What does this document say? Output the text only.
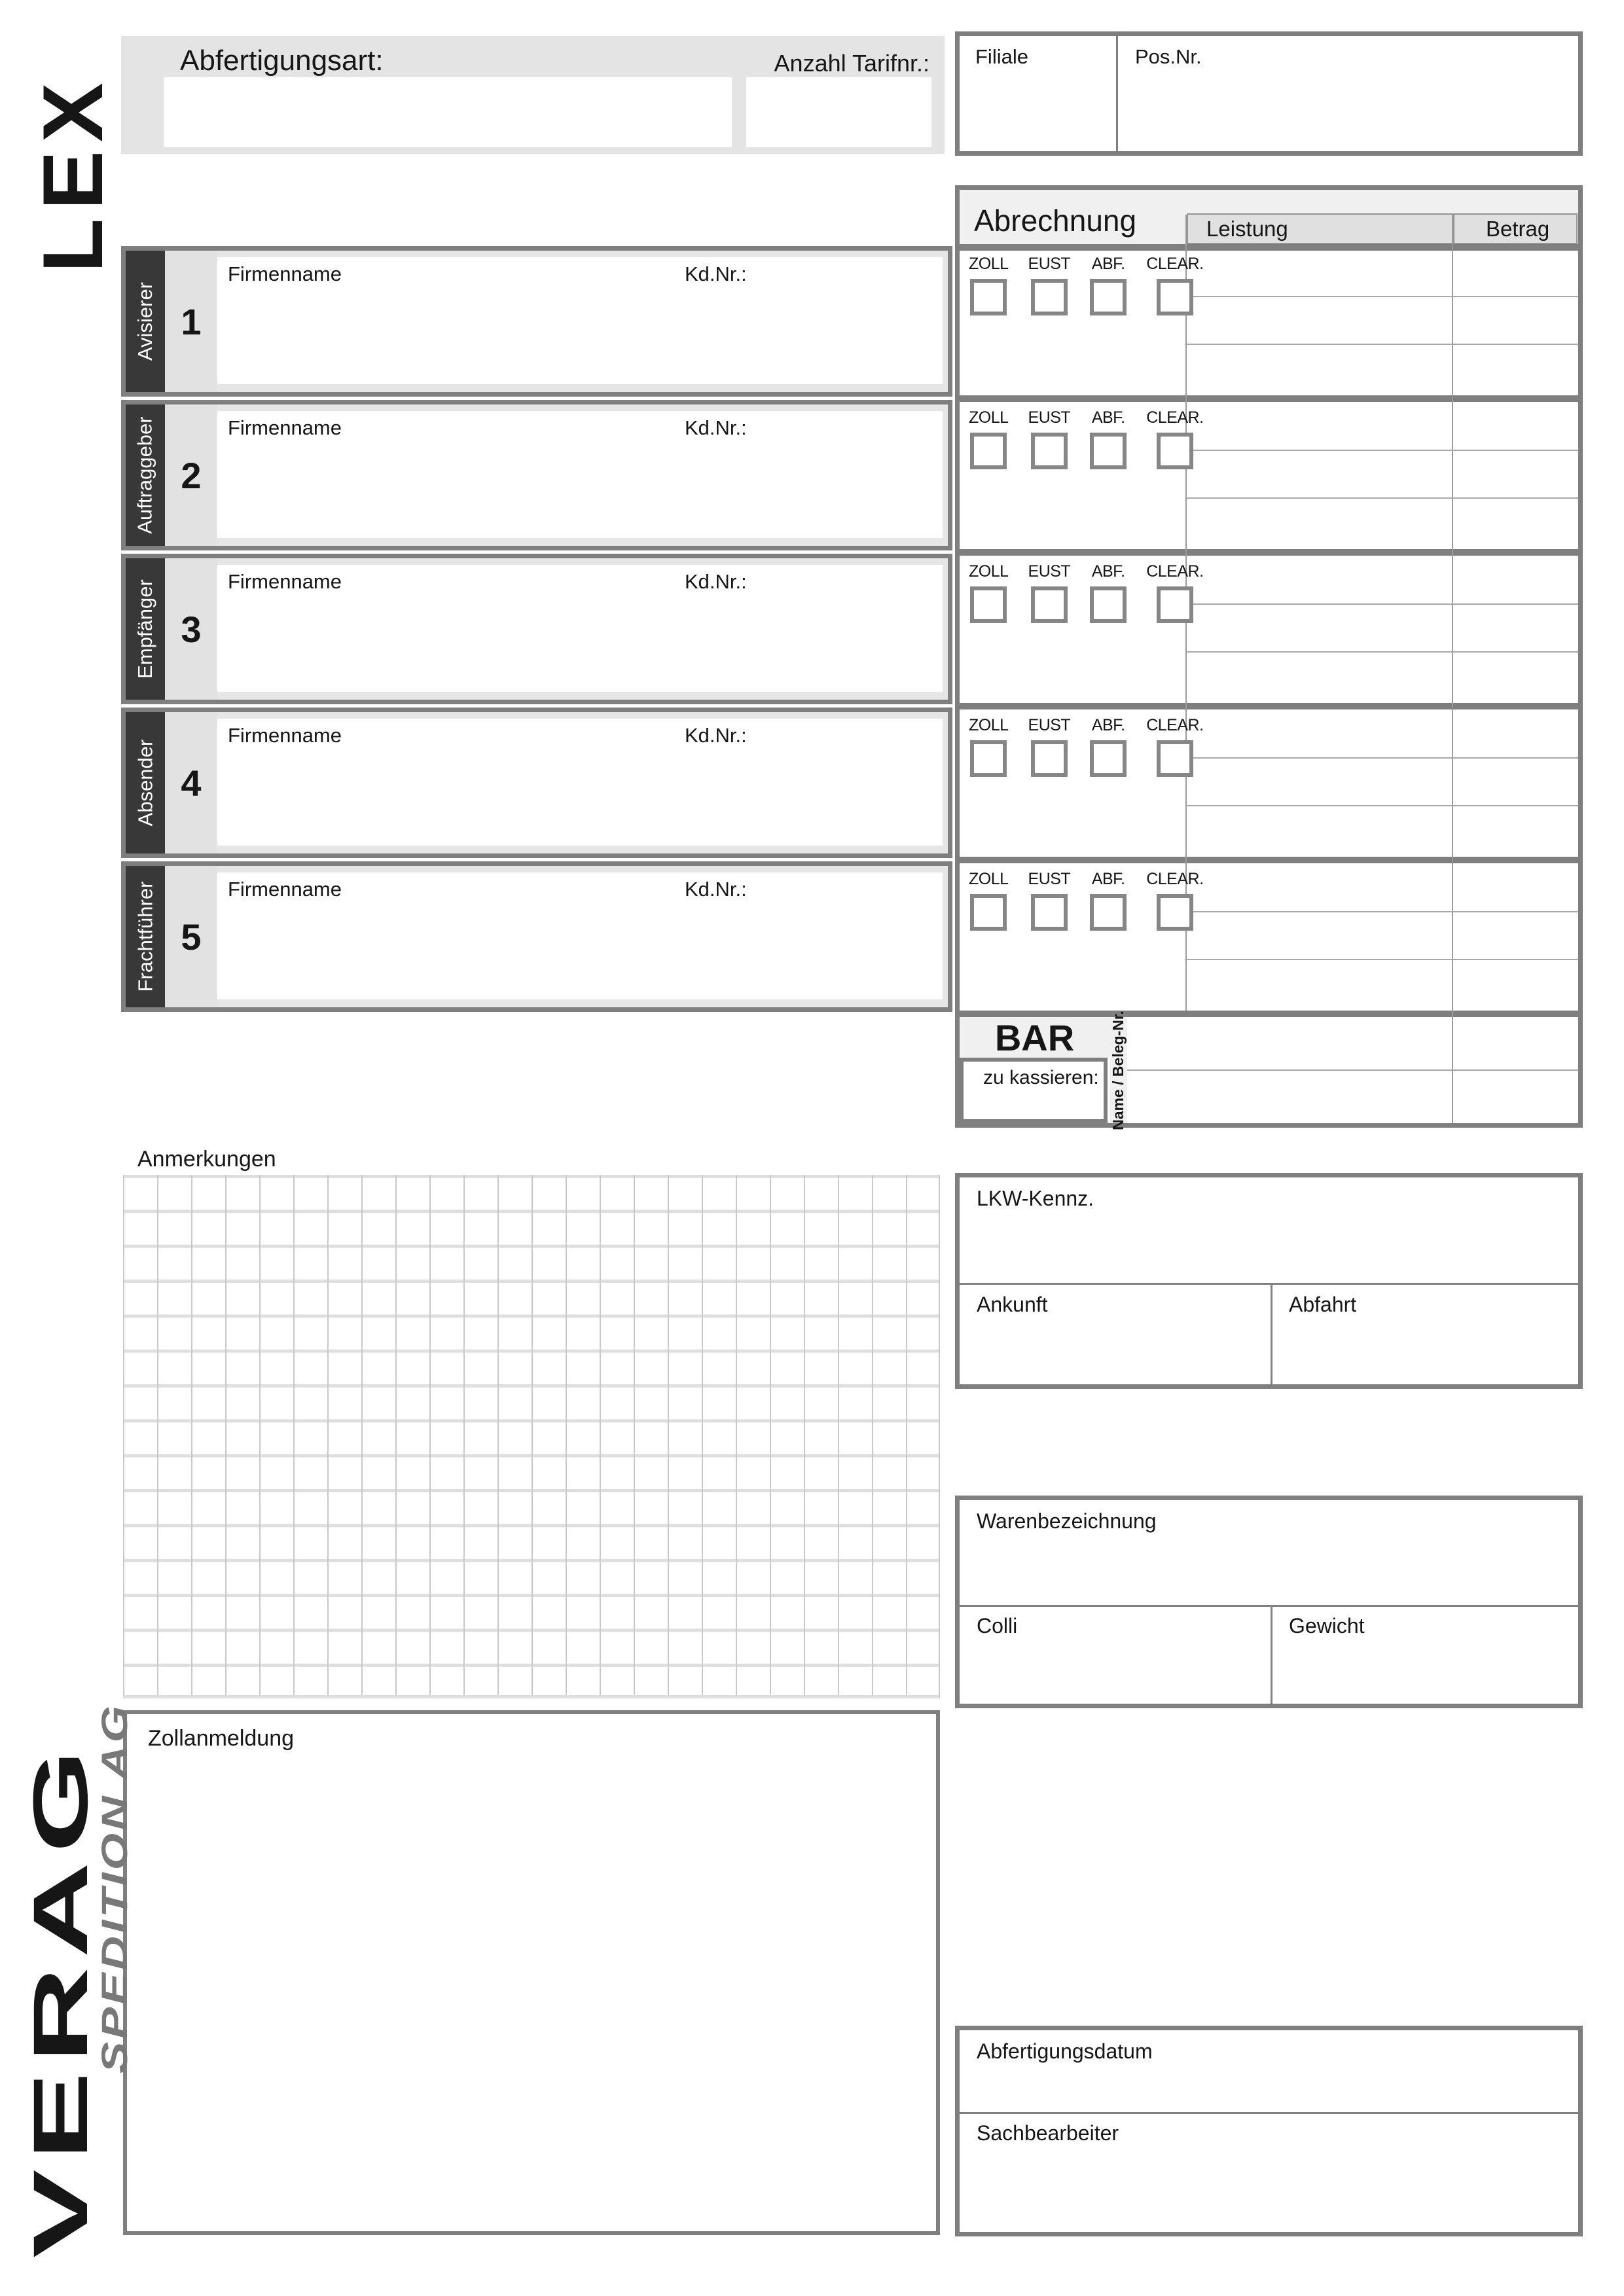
LEX
Abfertigungsart:	Anzahl Tarifnr.: Filiale	Pos.Nr.
Abrechnung	Leistung	Betrag
BAR
zu kassieren: Name / Beleg-Nr.
Avisierer 1
Firmenname	Kd.Nr.:
Auftraggeber 2
Firmenname	Kd.Nr.:
Empfänger 3
Firmenname	Kd.Nr.:
Absender 4
Firmenname	Kd.Nr.:
Frachtführer 5
Firmenname	Kd.Nr.:
ZOLL EUST ABF. CLEAR.
ZOLL EUST ABF. CLEAR.
ZOLL EUST ABF. CLEAR.
ZOLL EUST ABF. CLEAR.
ZOLL EUST ABF. CLEAR.
Anmerkungen
Zollanmeldung
VERAG
SPEDITION AG
LKW-Kennz.
Ankunft	Abfahrt
Warenbezeichnung
Colli	Gewicht
Abfertigungsdatum
Sachbearbeiter
